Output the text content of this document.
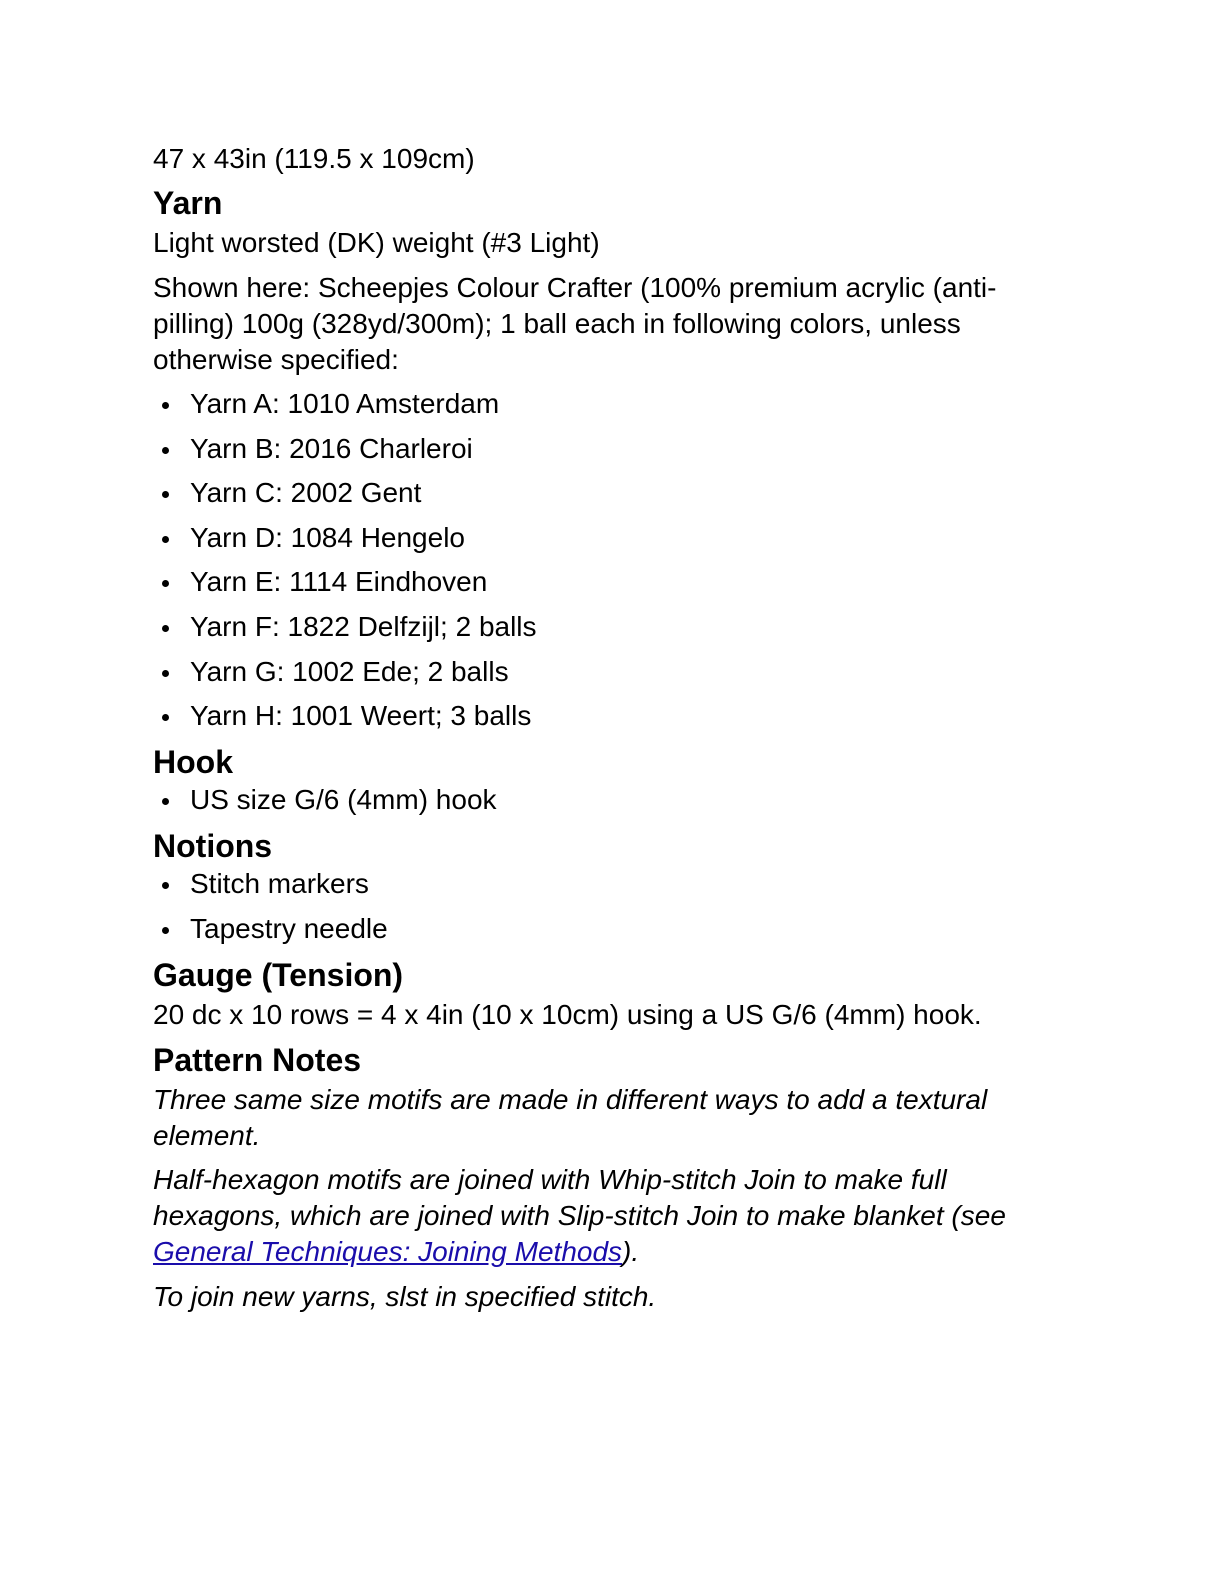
47 x 43in (119.5 x 109cm)

Yarn

Light worsted (DK) weight (#3 Light)

Shown here: Scheepjes Colour Crafter (100% premium acrylic (anti-pilling) 100g (328yd/300m); 1 ball each in following colors, unless otherwise specified:

Yarn A: 1010 Amsterdam
Yarn B: 2016 Charleroi
Yarn C: 2002 Gent
Yarn D: 1084 Hengelo
Yarn E: 1114 Eindhoven
Yarn F: 1822 Delfzijl; 2 balls
Yarn G: 1002 Ede; 2 balls
Yarn H: 1001 Weert; 3 balls
Hook
US size G/6 (4mm) hook
Notions
Stitch markers
Tapestry needle
Gauge (Tension)

20 dc x 10 rows = 4 x 4in (10 x 10cm) using a US G/6 (4mm) hook.

Pattern Notes

Three same size motifs are made in different ways to add a textural element.

Half-hexagon motifs are joined with Whip-stitch Join to make full hexagons, which are joined with Slip-stitch Join to make blanket (see General Techniques: Joining Methods).

To join new yarns, slst in specified stitch.
